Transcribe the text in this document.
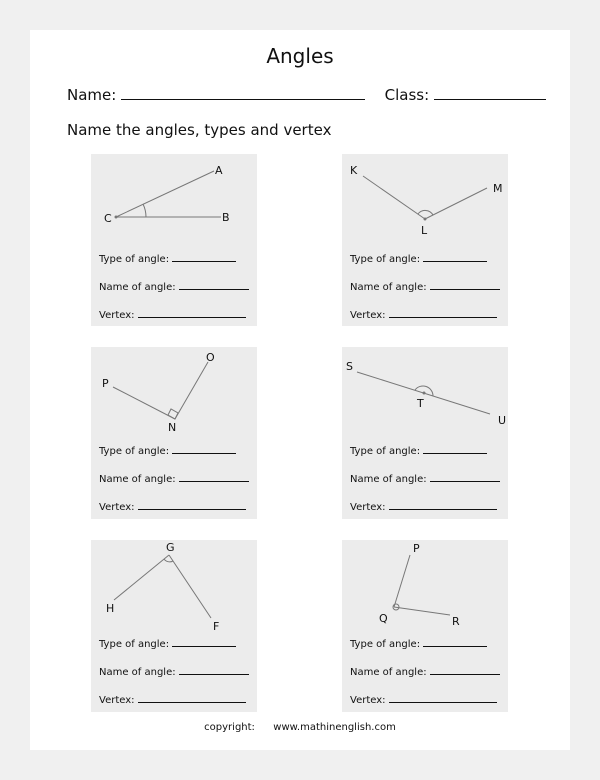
Angles
Name:	Class:
Name the angles, types and vertex
A
C	B
Type of angle:
Name of angle:
Vertex:
K
L
M
Type of angle:
Name of angle:
Vertex:
O
P
N
Type of angle:
Name of angle:
Vertex:
S
T
U
Type of angle:
Name of angle:
Vertex:
G
H
F
Type of angle:
Name of angle:
Vertex:
P
Q	R
Type of angle:
Name of angle:
Vertex:
copyright: www.mathinenglish.com
